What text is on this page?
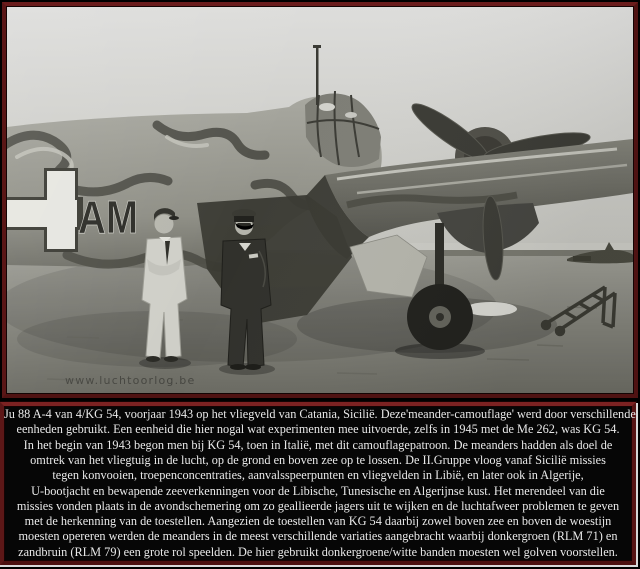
Ju 88 A-4 van 4/KG 54, voorjaar 1943 op het vliegveld van Catania, Sicilië. Deze'meander-camouflage' werd door verschillende
eenheden gebruikt. Een eenheid die hier nogal wat experimenten mee uitvoerde, zelfs in 1945 met de Me 262, was KG 54.
In het begin van 1943 begon men bij KG 54, toen in Italië, met dit camouflagepatroon. De meanders hadden als doel de
omtrek van het vliegtuig in de lucht, op de grond en boven zee op te lossen. De II.Gruppe vloog vanaf Sicilië missies
tegen konvooien, troepenconcentraties, aanvalsspeerpunten en vliegvelden in Libië, en later ook in Algerije,
U-bootjacht en bewapende zeeverkenningen voor de Libische, Tunesische en Algerijnse kust. Het merendeel van die
missies vonden plaats in de avondschemering om zo geallieerde jagers uit te wijken en de luchtafweer problemen te geven
met de herkenning van de toestellen. Aangezien de toestellen van KG 54 daarbij zowel boven zee en boven de woestijn
moesten opereren werden de meanders in de meest verschillende variaties aangebracht waarbij donkergroen (RLM 71) en
zandbruin (RLM 79) een grote rol speelden. De hier gebruikt donkergroene/witte banden moesten wel golven voorstellen.
